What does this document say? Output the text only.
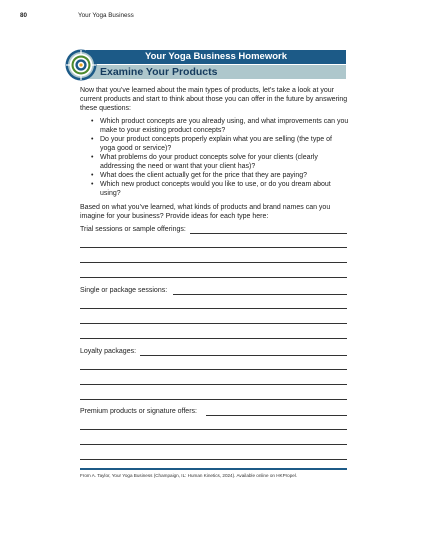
80	Your Yoga Business
Your Yoga Business Homework
Examine Your Products

Now that you’ve learned about the main types of products, let’s take a look at your current products and start to think about those you can offer in the future by answering these questions:

• Which product concepts are you already using, and what improvements can you make to your existing product concepts?
• Do your product concepts properly explain what you are selling (the type of yoga good or service)?
• What problems do your product concepts solve for your clients (clearly addressing the need or want that your client has)?
• What does the client actually get for the price that they are paying?
• Which new product concepts would you like to use, or do you dream about using?

Based on what you’ve learned, what kinds of products and brand names can you imagine for your business? Provide ideas for each type here:

Trial sessions or sample offerings:
Single or package sessions:
Loyalty packages:
Premium products or signature offers:
From A. Taylor, Your Yoga Business (Champaign, IL: Human Kinetics, 2024). Available online on HKPropel.
